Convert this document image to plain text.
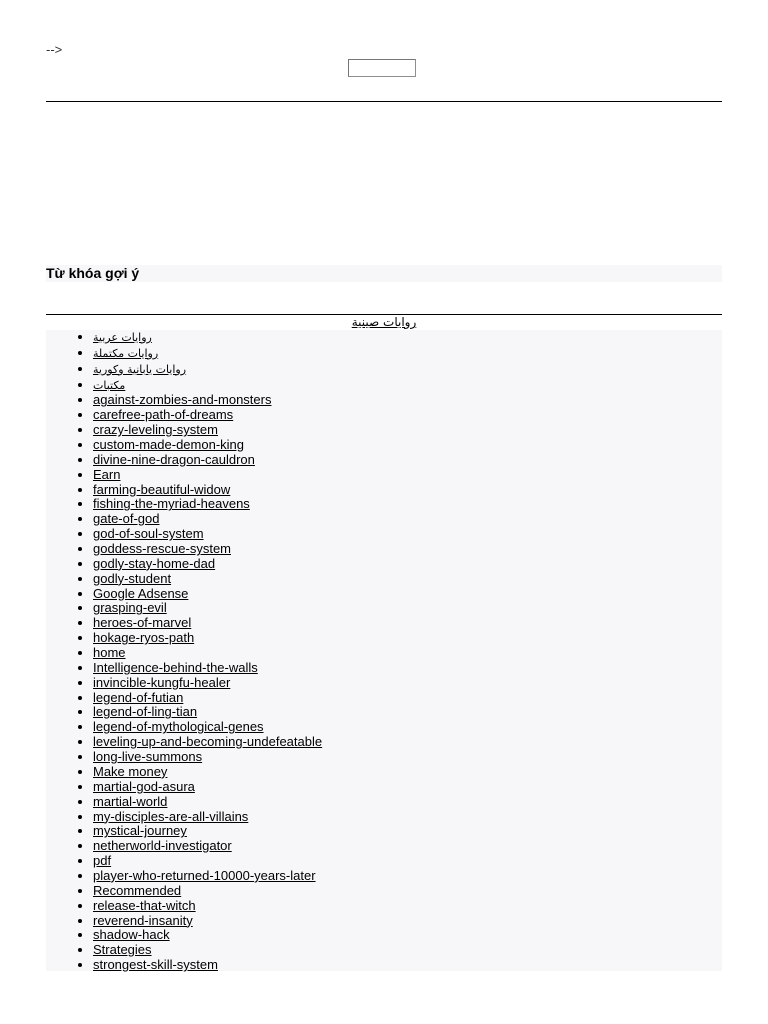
-->
Từ khóa gợi ý
روايات صينية
• روايات عربية
• روايات مكتملة
• روايات يابانية وكورية
• مكتبات
• against-zombies-and-monsters
• carefree-path-of-dreams
• crazy-leveling-system
• custom-made-demon-king
• divine-nine-dragon-cauldron
• Earn
• farming-beautiful-widow
• fishing-the-myriad-heavens
• gate-of-god
• god-of-soul-system
• goddess-rescue-system
• godly-stay-home-dad
• godly-student
• Google Adsense
• grasping-evil
• heroes-of-marvel
• hokage-ryos-path
• home
• Intelligence-behind-the-walls
• invincible-kungfu-healer
• legend-of-futian
• legend-of-ling-tian
• legend-of-mythological-genes
• leveling-up-and-becoming-undefeatable
• long-live-summons
• Make money
• martial-god-asura
• martial-world
• my-disciples-are-all-villains
• mystical-journey
• netherworld-investigator
• pdf
• player-who-returned-10000-years-later
• Recommended
• release-that-witch
• reverend-insanity
• shadow-hack
• Strategies
• strongest-skill-system
